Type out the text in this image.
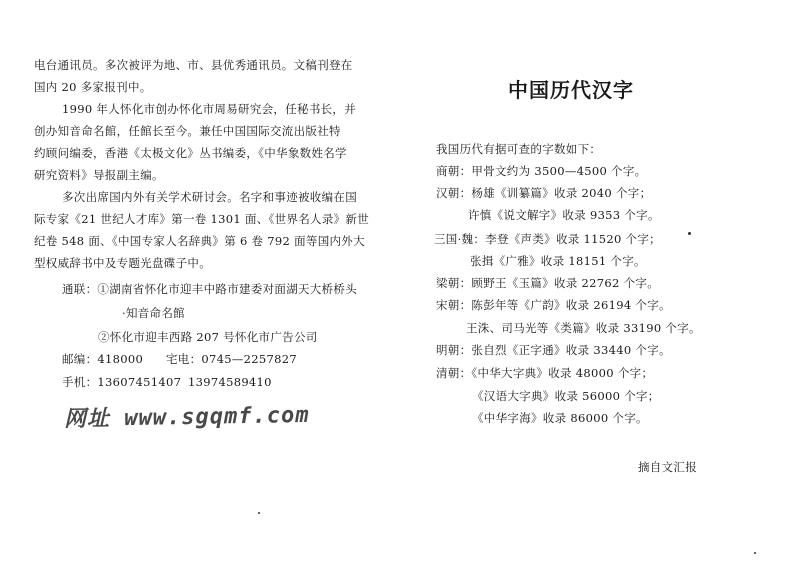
电台通讯员。多次被评为地、市、县优秀通讯员。文稿刊登在
国内 20 多家报刊中。
1990 年人怀化市创办怀化市周易研究会，任秘书长，并
创办知音命名館，任館长至今。兼任中国国际交流出版社特
约顾问编委，香港《太极文化》丛书编委，《中华象数姓名学
研究资料》导报副主编。
多次出席国内外有关学术研讨会。名字和事迹被收编在国
际专家《21 世纪人才库》第一卷 1301 面、《世界名人录》新世
纪卷 548 面、《中国专家人名辞典》第 6 卷 792 面等国内外大
型权威辞书中及专题光盘碟子中。
通联：①湖南省怀化市迎丰中路市建委对面湖天大桥桥头
·知音命名館
②怀化市迎丰西路 207 号怀化市广告公司
邮编：418000 宅电：0745—2257827
手机：13607451407 13974589410
网址 www.sgqmf.com
中国历代汉字
我国历代有据可查的字数如下：
商朝：甲骨文约为 3500—4500 个字。
汉朝：杨雄《训纂篇》收录 2040 个字；
许慎《说文解字》收录 9353 个字。
三国·魏：李登《声类》收录 11520 个字；
张揖《广雅》收录 18151 个字。
梁朝：顾野王《玉篇》收录 22762 个字。
宋朝：陈彭年等《广韵》收录 26194 个字。
王洙、司马光等《类篇》收录 33190 个字。
明朝：张自烈《正字通》收录 33440 个字。
清朝：《中华大字典》收录 48000 个字；
《汉语大字典》收录 56000 个字；
《中华字海》收录 86000 个字。
摘自文汇报
